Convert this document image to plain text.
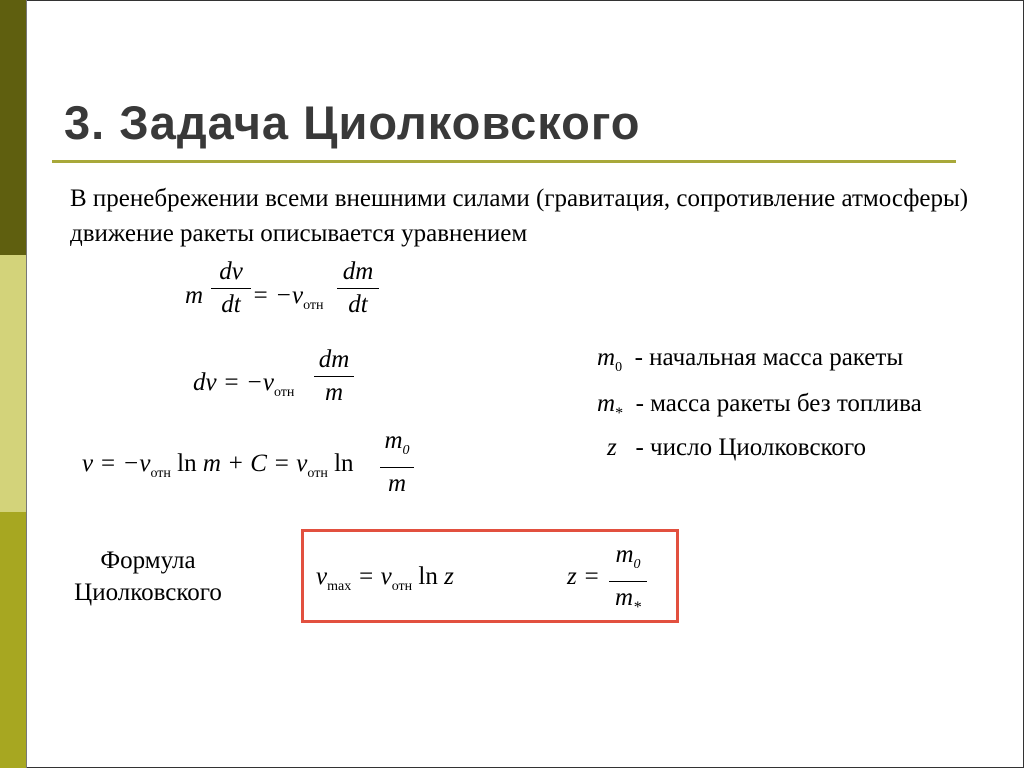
3. Задача Циолковского
В пренебрежении всеми внешними силами (гравитация, сопротивление атмосферы) движение ракеты описывается уравнением
m
dv
dt = $-v_{отн}$
dm
dt
dv = $-v_{отн}$
dm
m
$v = -v_{отн}$ $\ln m + C = v_{отн}$ ln
$m_0$
m
$m_0$ - начальная масса ракеты
$m_*$ - масса ракеты без топлива
z - число Циолковского
Формула Циолковского
$v_{max} = v_{отн}$ ln z	z =
$m_0$
$m_*$
